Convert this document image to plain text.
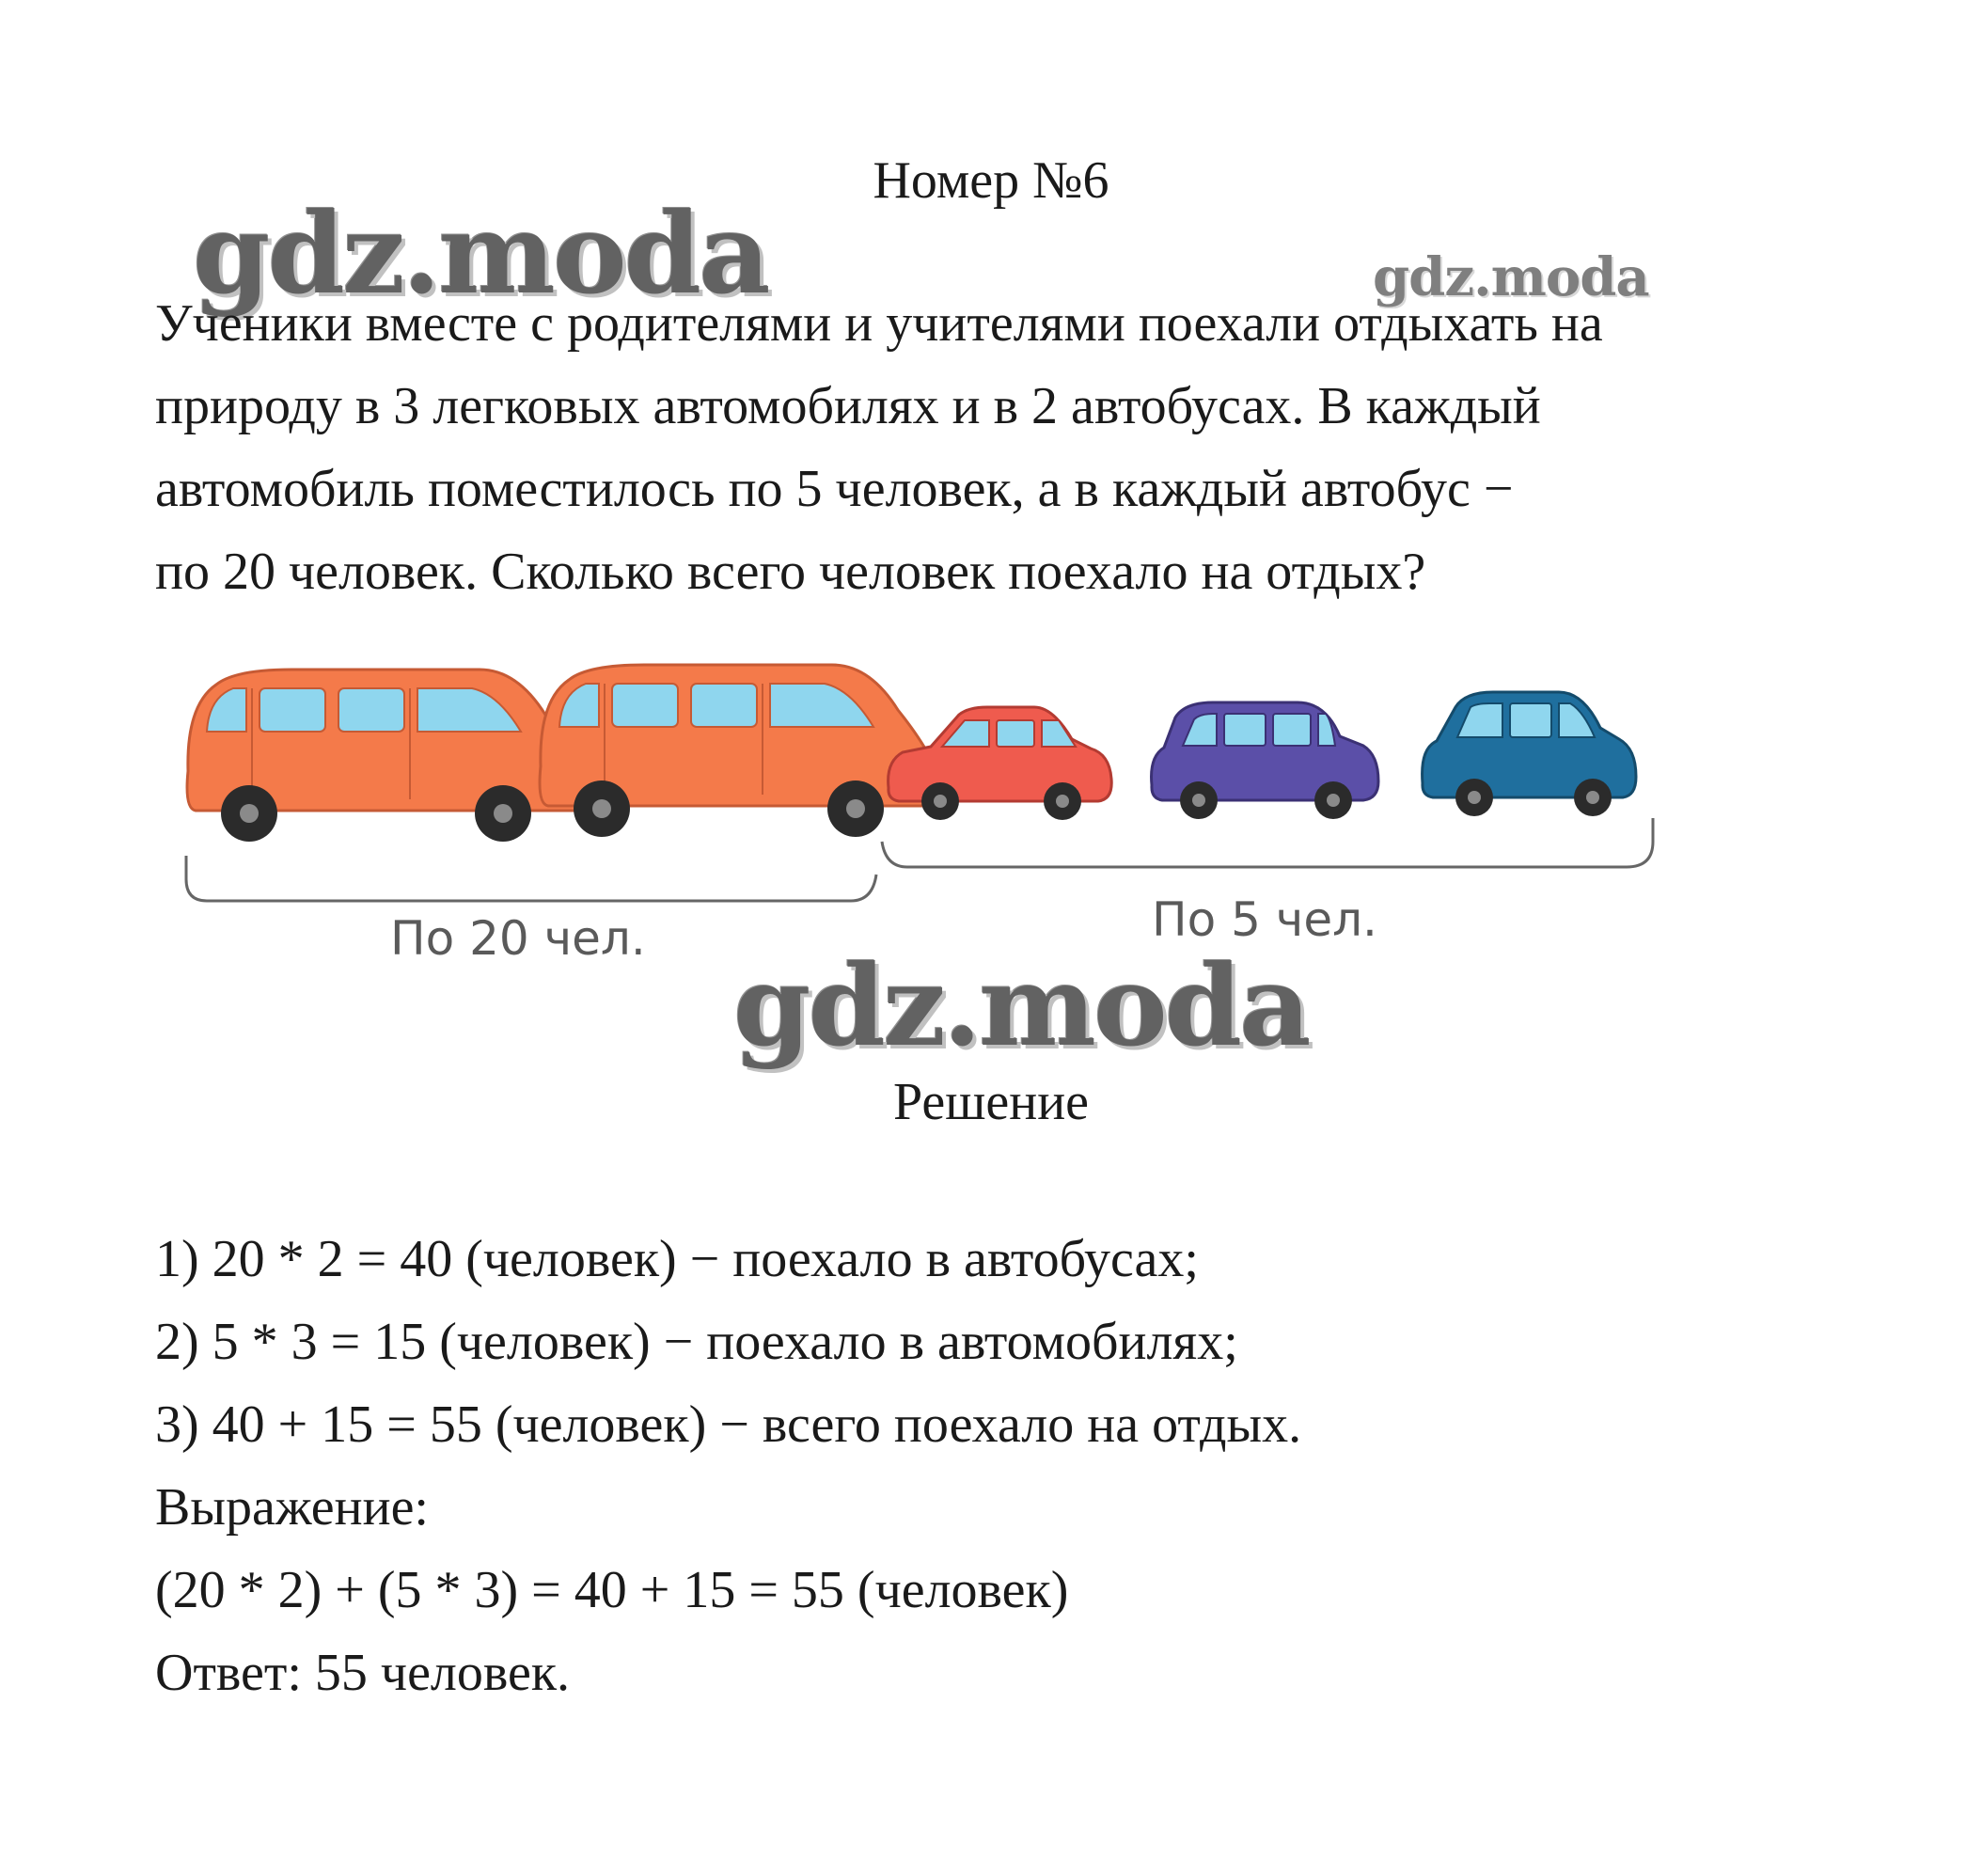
Номер №6
gdz.moda	gdz.moda
Ученики вместе с родителями и учителями поехали отдыхать на
природу в 3 легковых автомобилях и в 2 автобусах. В каждый
автомобиль поместилось по 5 человек, а в каждый автобус −
по 20 человек. Сколько всего человек поехало на отдых?
По 20 чел.	По 5 чел.
gdz.moda
Решение
1) 20 * 2 = 40 (человек) − поехало в автобусах;
2) 5 * 3 = 15 (человек) − поехало в автомобилях;
3) 40 + 15 = 55 (человек) − всего поехало на отдых.
Выражение:
(20 * 2) + (5 * 3) = 40 + 15 = 55 (человек)
Ответ: 55 человек.
